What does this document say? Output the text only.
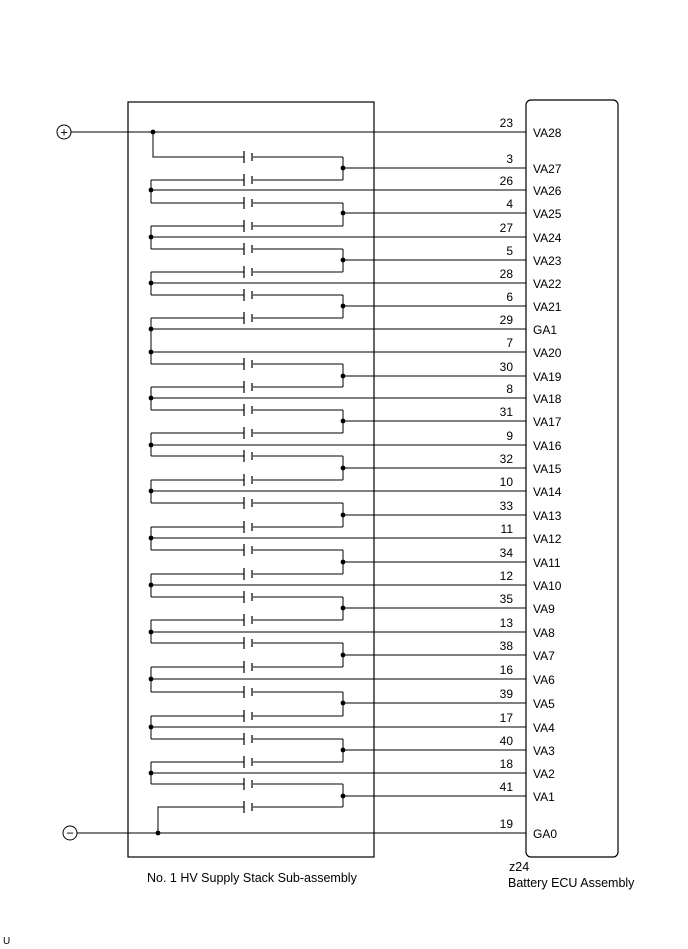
23
VA28
3
VA27
26
VA26
4
VA25
27
VA24
5
VA23
28
VA22
6
VA21
29
GA1
7
VA20
30
VA19
8
VA18
31
VA17
9
VA16
32
VA15
10
VA14
33
VA13
11
VA12
34
VA11
12
VA10
35
VA9
13
VA8
38
VA7
16
VA6
39
VA5
17
VA4
40
VA3
18
VA2
41
VA1
19
GA0
+
−
No. 1 HV Supply Stack Sub-assembly
z24
Battery ECU Assembly
U
